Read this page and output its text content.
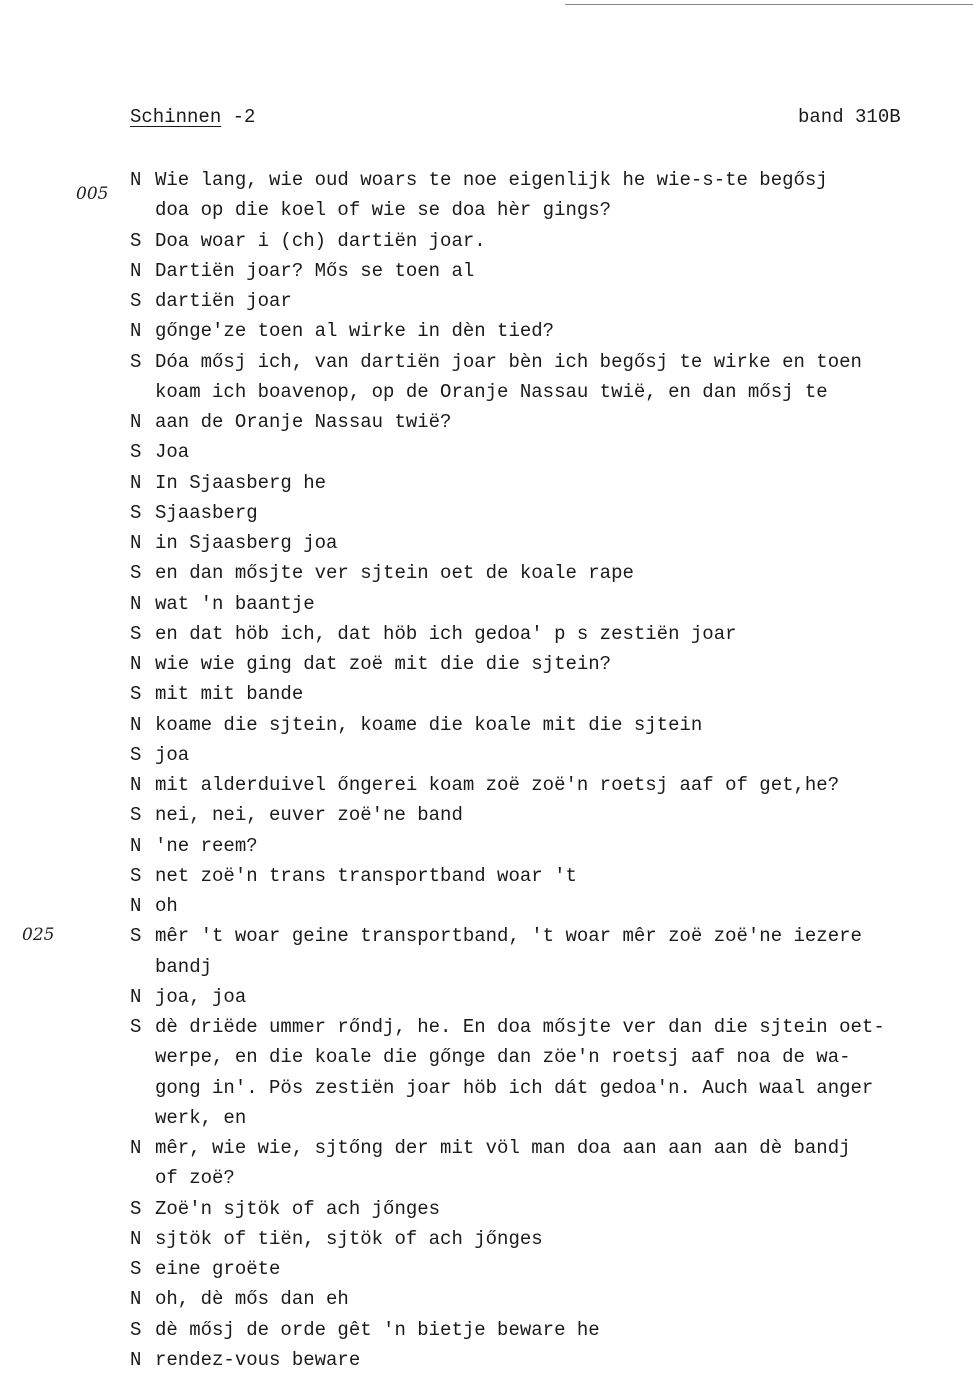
Schinnen -2	band 310B
005
025
N Wie lang, wie oud woars te noe eigenlijk he wie-s-te begősj
doa op die koel of wie se doa hèr gings?
S Doa woar i (ch) dartiën joar.
N Dartiën joar? Mős se toen al
S dartiën joar
N gőnge'ze toen al wirke in dèn tied?
S Dóa mősj ich, van dartiën joar bèn ich begősj te wirke en toen
koam ich boavenop, op de Oranje Nassau twië, en dan mősj te
N aan de Oranje Nassau twië?
S Joa
N In Sjaasberg he
S Sjaasberg
N in Sjaasberg joa
S en dan mősjte ver sjtein oet de koale rape
N wat 'n baantje
S en dat höb ich, dat höb ich gedoa' p s zestiën joar
N wie wie ging dat zoë mit die die sjtein?
S mit mit bande
N koame die sjtein, koame die koale mit die sjtein
S joa
N mit alderduivel őngerei koam zoë zoë'n roetsj aaf of get,he?
S nei, nei, euver zoë'ne band
N 'ne reem?
S net zoë'n trans transportband woar 't
N oh
S mêr 't woar geine transportband, 't woar mêr zoë zoë'ne iezere
bandj
N joa, joa
S dè driëde ummer rőndj, he. En doa mősjte ver dan die sjtein oet-
werpe, en die koale die gőnge dan zöe'n roetsj aaf noa de wa-
gong in'. Pös zestiën joar höb ich dát gedoa'n. Auch waal anger
werk, en
N mêr, wie wie, sjtőng der mit völ man doa aan aan aan dè bandj
of zoë?
S Zoë'n sjtök of ach jőnges
N sjtök of tiën, sjtök of ach jőnges
S eine groëte
N oh, dè mős dan eh
S dè mősj de orde gêt 'n bietje beware he
N rendez-vous beware
